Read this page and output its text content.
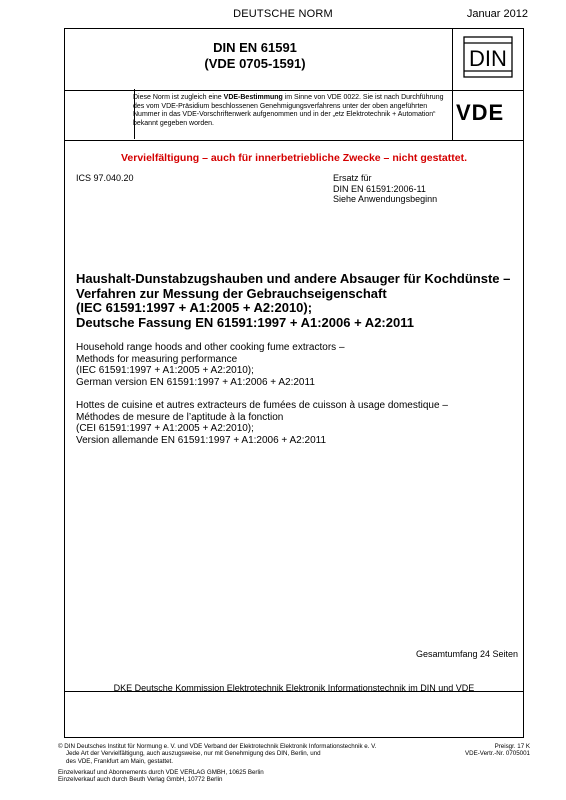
DEUTSCHE NORM	Januar 2012
DIN EN 61591
(VDE 0705-1591)
Diese Norm ist zugleich eine VDE-Bestimmung im Sinne von VDE 0022. Sie ist nach Durchführung des vom VDE-Präsidium beschlossenen Genehmigungsverfahrens unter der oben angeführten Nummer in das VDE-Vorschriftenwerk aufgenommen und in der „etz Elektrotechnik + Automation“ bekannt gegeben worden.
DIN
VDE
Vervielfältigung – auch für innerbetriebliche Zwecke – nicht gestattet.
ICS 97.040.20	Ersatz für
DIN EN 61591:2006-11
Siehe Anwendungsbeginn
Haushalt-Dunstabzugshauben und andere Absauger für Kochdünste –
Verfahren zur Messung der Gebrauchseigenschaft
(IEC 61591:1997 + A1:2005 + A2:2010);
Deutsche Fassung EN 61591:1997 + A1:2006 + A2:2011
Household range hoods and other cooking fume extractors –
Methods for measuring performance
(IEC 61591:1997 + A1:2005 + A2:2010);
German version EN 61591:1997 + A1:2006 + A2:2011
Hottes de cuisine et autres extracteurs de fumées de cuisson à usage domestique –
Méthodes de mesure de l’aptitude à la fonction
(CEI 61591:1997 + A1:2005 + A2:2010);
Version allemande EN 61591:1997 + A1:2006 + A2:2011
Gesamtumfang 24 Seiten
DKE Deutsche Kommission Elektrotechnik Elektronik Informationstechnik im DIN und VDE
© DIN Deutsches Institut für Normung e. V. und VDE Verband der Elektrotechnik Elektronik Informationstechnik e. V.
Jede Art der Vervielfältigung, auch auszugsweise, nur mit Genehmigung des DIN, Berlin, und
des VDE, Frankfurt am Main, gestattet.
Preisgr. 17 K
VDE-Vertr.-Nr. 0705001
Einzelverkauf und Abonnements durch VDE VERLAG GMBH, 10625 Berlin
Einzelverkauf auch durch Beuth Verlag GmbH, 10772 Berlin
